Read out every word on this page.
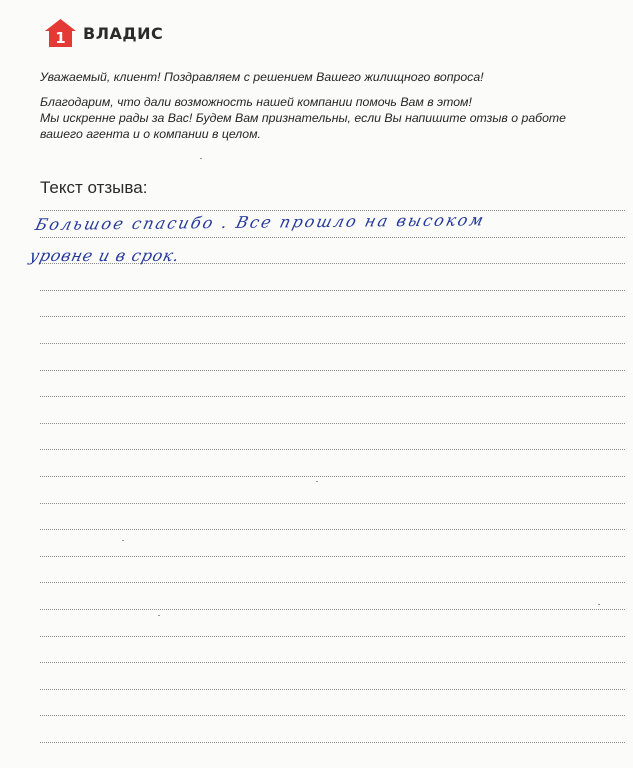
1 ВЛАДИС

Уважаемый, клиент! Поздравляем с решением Вашего жилищного вопроса!

Благодарим, что дали возможность нашей компании помочь Вам в этом!
Мы искренне рады за Вас! Будем Вам признательны, если Вы напишите отзыв о работе
вашего агента и о компании в целом.

Текст отзыва:
Большое спасибо . Все прошло на высоком
уровне и в срок.
